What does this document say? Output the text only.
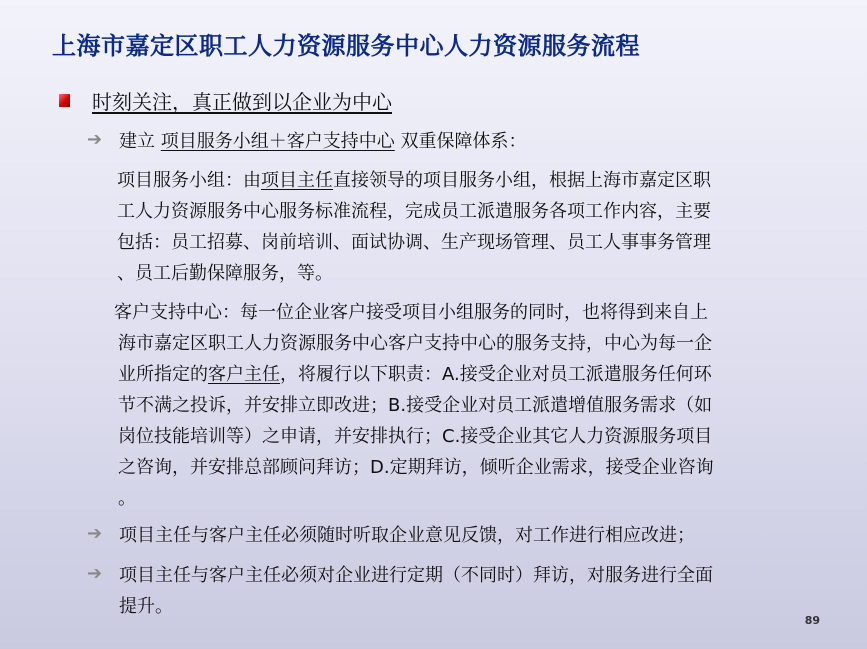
上海市嘉定区职工人力资源服务中心人力资源服务流程
时刻关注，真正做到以企业为中心
➔ 建立 项目服务小组＋客户支持中心 双重保障体系：
项目服务小组：由项目主任直接领导的项目服务小组，根据上海市嘉定区职
工人力资源服务中心服务标准流程，完成员工派遣服务各项工作内容，主要
包括：员工招募、岗前培训、面试协调、生产现场管理、员工人事事务管理
、员工后勤保障服务，等。
客户支持中心：每一位企业客户接受项目小组服务的同时，也将得到来自上
海市嘉定区职工人力资源服务中心客户支持中心的服务支持，中心为每一企
业所指定的客户主任，将履行以下职责：A.接受企业对员工派遣服务任何环
节不满之投诉，并安排立即改进；B.接受企业对员工派遣增值服务需求（如
岗位技能培训等）之申请，并安排执行；C.接受企业其它人力资源服务项目
之咨询，并安排总部顾问拜访；D.定期拜访，倾听企业需求，接受企业咨询
。
➔ 项目主任与客户主任必须随时听取企业意见反馈，对工作进行相应改进；
➔ 项目主任与客户主任必须对企业进行定期（不同时）拜访，对服务进行全面
提升。
89
